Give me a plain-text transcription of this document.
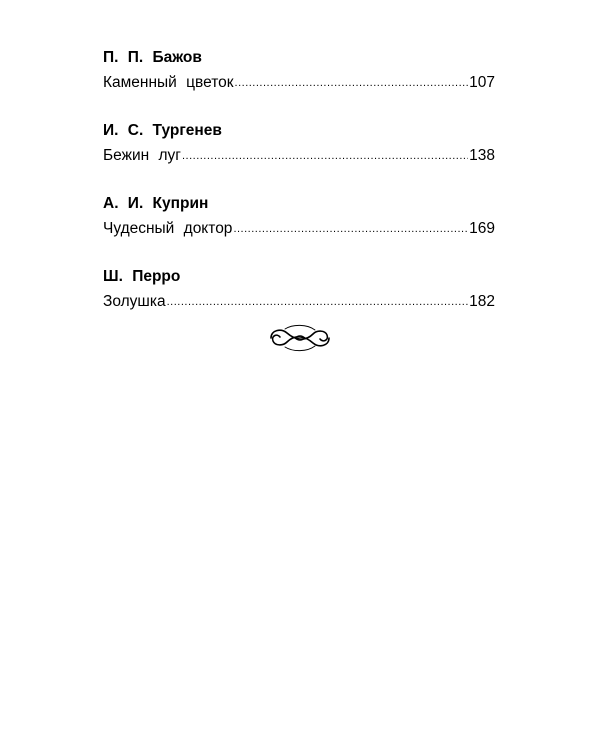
П. П. Бажов
Каменный цветок .....	107
И. С. Тургенев
Бежин луг .....	138
А. И. Куприн
Чудесный доктор .....	169
Ш. Перро
Золушка .....	182
